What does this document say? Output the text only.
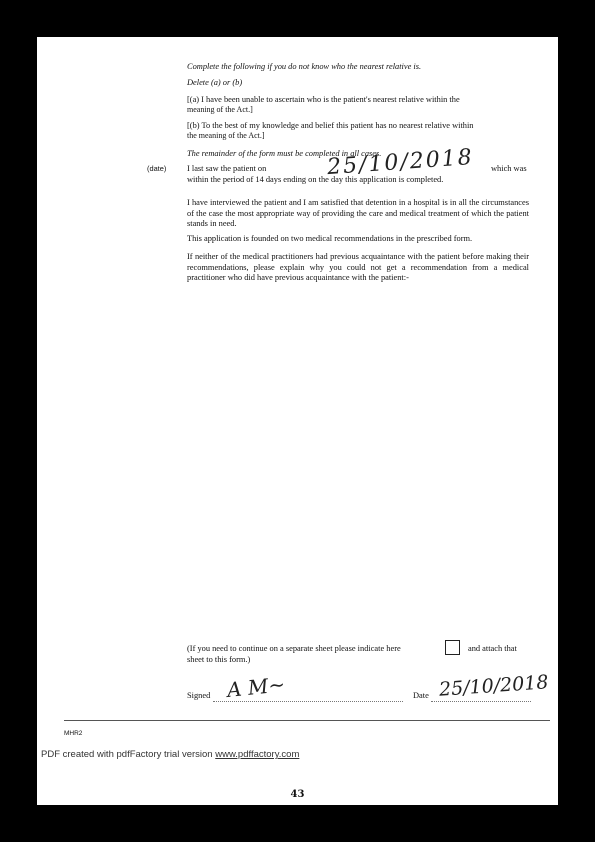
Complete the following if you do not know who the nearest relative is.
Delete (a) or (b)
[(a) I have been unable to ascertain who is the patient's nearest relative within the
meaning of the Act.]
[(b) To the best of my knowledge and belief this patient has no nearest relative within
the meaning of the Act.]
The remainder of the form must be completed in all cases.
(date) I last saw the patient on	25/10/2018 which was
within the period of 14 days ending on the day this application is completed.
I have interviewed the patient and I am satisfied that detention in a hospital is in all the circumstances of the case the most appropriate way of providing the care and medical treatment of which the patient stands in need.
This application is founded on two medical recommendations in the prescribed form.
If neither of the medical practitioners had previous acquaintance with the patient before making their recommendations, please explain why you could not get a recommendation from a medical practitioner who did have previous acquaintance with the patient:-
(If you need to continue on a separate sheet please indicate here	and attach that
sheet to this form.)
Signed A M~	Date 25/10/2018
MHR2
PDF created with pdfFactory trial version www.pdffactory.com
43
